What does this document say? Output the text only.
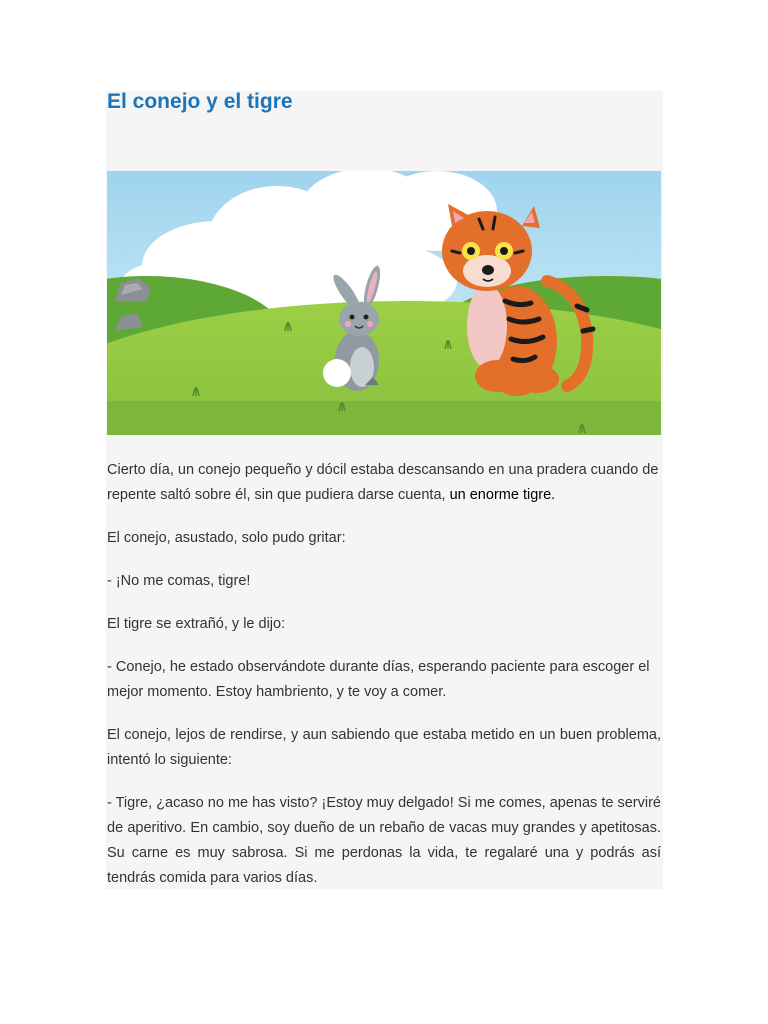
El conejo y el tigre

Cierto día, un conejo pequeño y dócil estaba descansando en una pradera cuando de repente saltó sobre él, sin que pudiera darse cuenta, un enorme tigre.

El conejo, asustado, solo pudo gritar:

- ¡No me comas, tigre!

El tigre se extrañó, y le dijo:

- Conejo, he estado observándote durante días, esperando paciente para escoger el mejor momento. Estoy hambriento, y te voy a comer.

El conejo, lejos de rendirse, y aun sabiendo que estaba metido en un buen problema, intentó lo siguiente:

- Tigre, ¿acaso no me has visto? ¡Estoy muy delgado! Si me comes, apenas te serviré de aperitivo. En cambio, soy dueño de un rebaño de vacas muy grandes y apetitosas. Su carne es muy sabrosa. Si me perdonas la vida, te regalaré una y podrás así tendrás comida para varios días.
